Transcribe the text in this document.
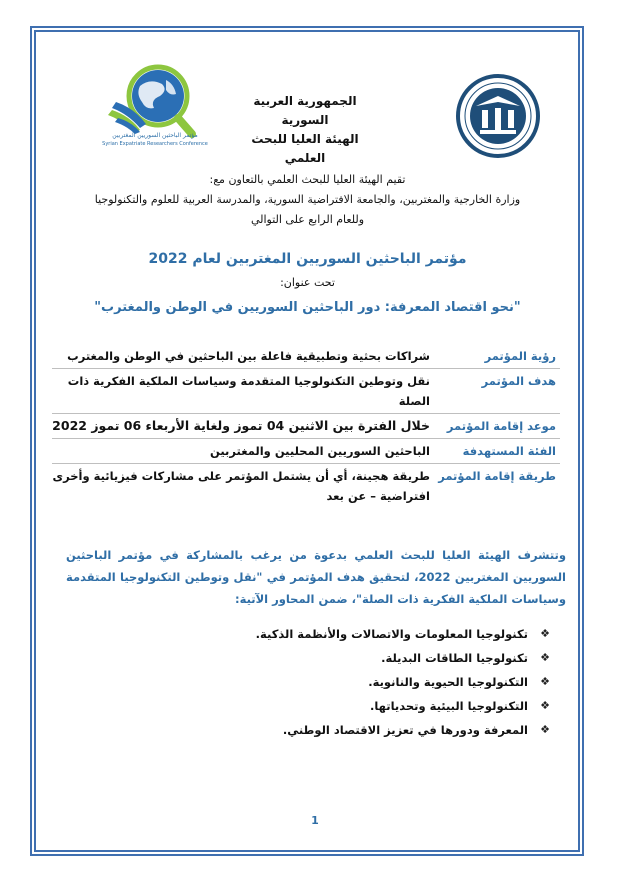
مؤتمر الباحثين السوريين المغتربين
Syrian Expatriate Researchers Conference
الجمهورية العربية السورية
الهيئة العليا للبحث العلمي
تقيم الهيئة العليا للبحث العلمي بالتعاون مع:
وزارة الخارجية والمغتربين، والجامعة الافتراضية السورية، والمدرسة العربية للعلوم والتكنولوجيا
وللعام الرابع على التوالي
مؤتمر الباحثين السوريين المغتربين لعام 2022
تحت عنوان:
"نحو اقتصاد المعرفة: دور الباحثين السوريين في الوطن والمغترب"
رؤية المؤتمر	شراكات بحثية وتطبيقية فاعلة بين الباحثين في الوطن والمغترب
هدف المؤتمر	نقل وتوطين التكنولوجيا المتقدمة وسياسات الملكية الفكرية ذات الصلة
موعد إقامة المؤتمر	خلال الفترة بين الاثنين 04 تموز ولغاية الأربعاء 06 تموز 2022
الفئة المستهدفة	الباحثين السوريين المحليين والمغتربين
طريقة إقامة المؤتمر	طريقة هجينة، أي أن يشتمل المؤتمر على مشاركات فيزيائية وأخرى افتراضية – عن بعد
وتتشرف الهيئة العليا للبحث العلمي بدعوة من يرغب بالمشاركة في مؤتمر الباحثين السوريين المغتربين 2022، لتحقيق هدف المؤتمر في "نقل وتوطين التكنولوجيا المتقدمة وسياسات الملكية الفكرية ذات الصلة"، ضمن المحاور الآتية:
❖
تكنولوجيا المعلومات والاتصالات والأنظمة الذكية.
❖
تكنولوجيا الطاقات البديلة.
❖
التكنولوجيا الحيوية والنانوية.
❖
التكنولوجيا البيئية وتحدياتها.
❖
المعرفة ودورها في تعزيز الاقتصاد الوطني.
1
